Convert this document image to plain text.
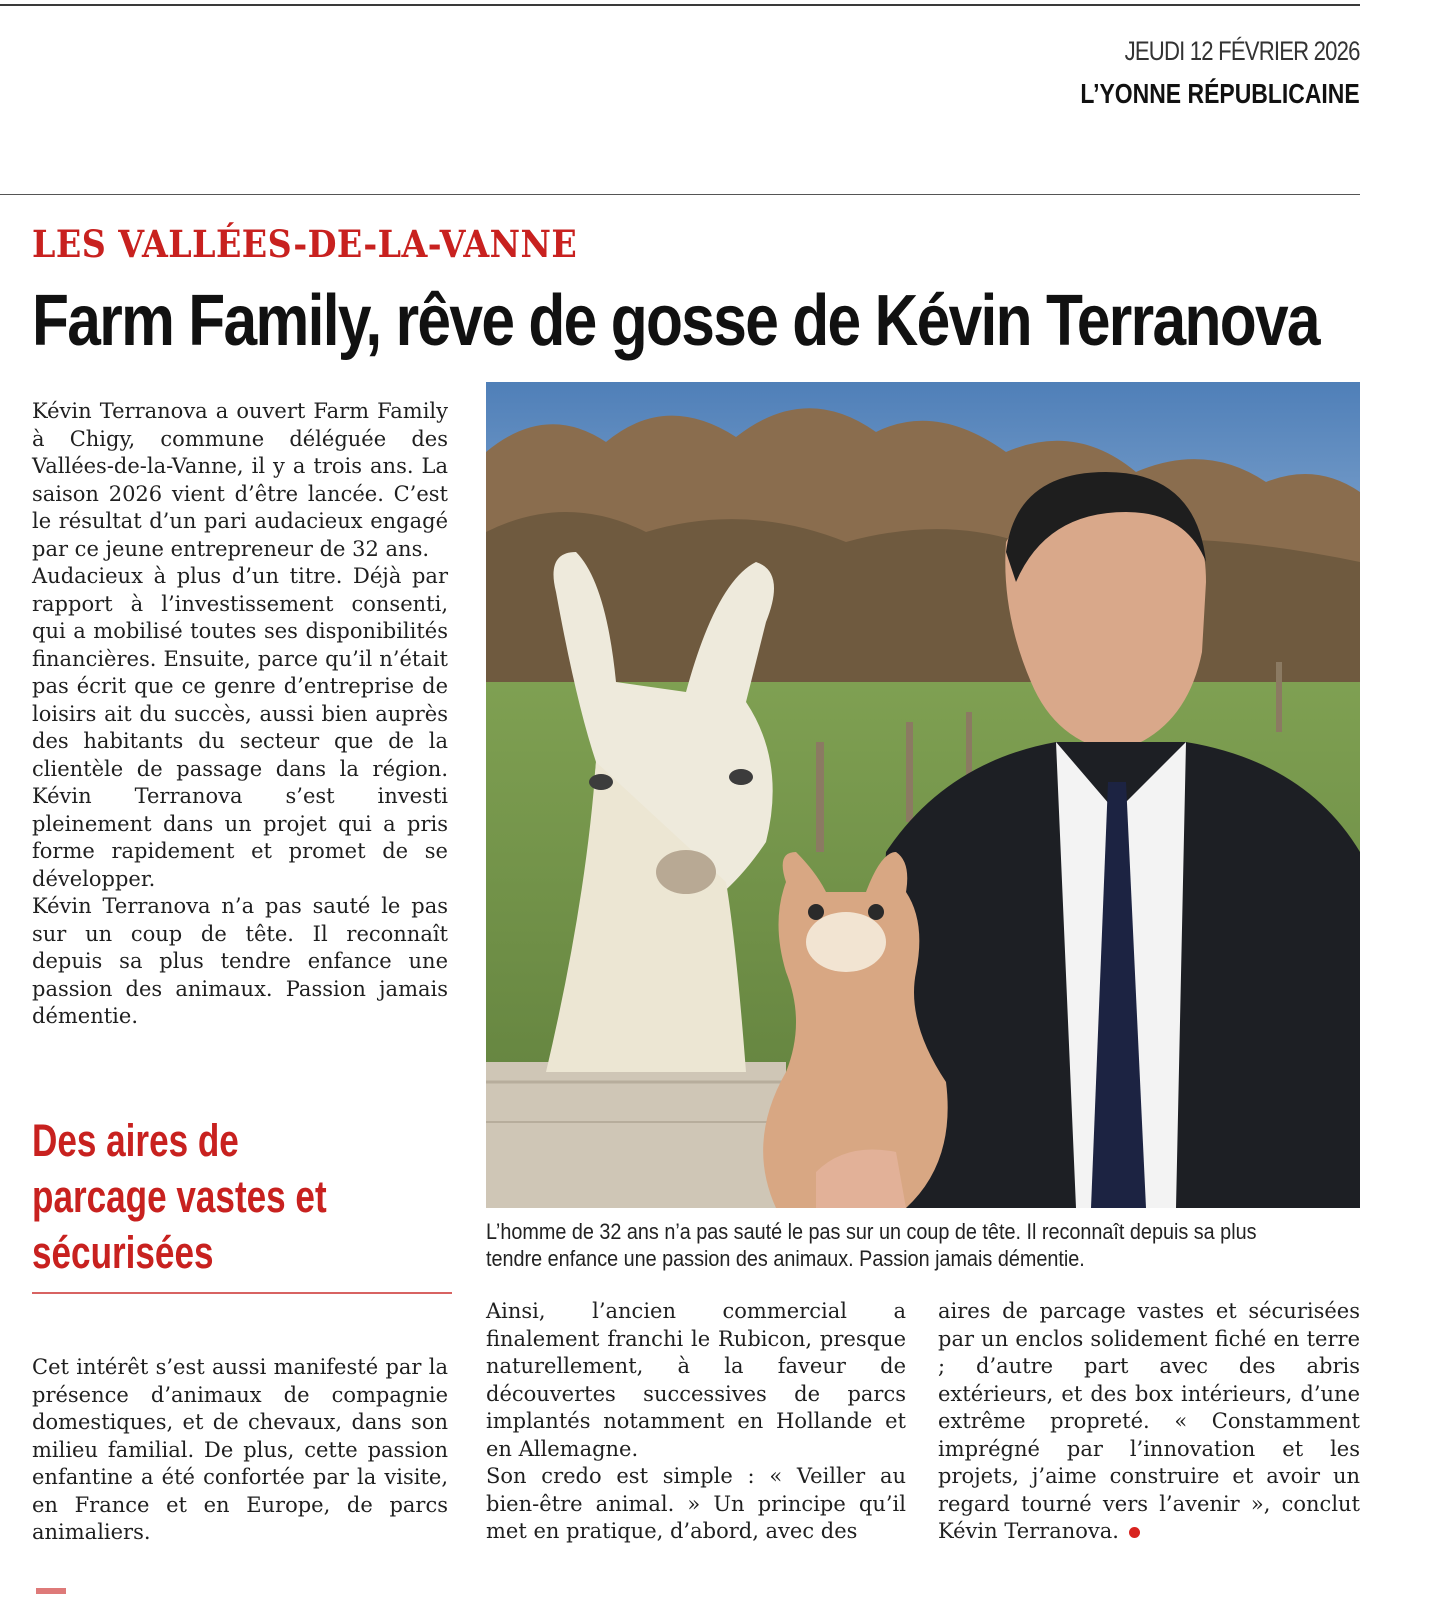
JEUDI 12 FÉVRIER 2026
L’YONNE RÉPUBLICAINE
LES VALLÉES-DE-LA-VANNE
Farm Family, rêve de gosse de Kévin Terranova

Kévin Terranova a ouvert Farm Family à Chigy, commune déléguée des Vallées-de-la-Vanne, il y a trois ans. La saison 2026 vient d’être lancée. C’est le résultat d’un pari audacieux engagé par ce jeune entrepreneur de 32 ans.

Audacieux à plus d’un titre. Déjà par rapport à l’investissement consenti, qui a mobilisé toutes ses disponibilités financières. Ensuite, parce qu’il n’était pas écrit que ce genre d’entreprise de loisirs ait du succès, aussi bien auprès des habitants du secteur que de la clientèle de passage dans la région. Kévin Terranova s’est investi pleinement dans un projet qui a pris forme rapidement et promet de se développer.

Kévin Terranova n’a pas sauté le pas sur un coup de tête. Il reconnaît depuis sa plus tendre enfance une passion des animaux. Passion jamais démentie.

Des aires de parcage vastes et sécurisées

Cet intérêt s’est aussi manifesté par la présence d’animaux de compagnie domestiques, et de chevaux, dans son milieu familial. De plus, cette passion enfantine a été confortée par la visite, en France et en Europe, de parcs animaliers.

L’homme de 32 ans n’a pas sauté le pas sur un coup de tête. Il reconnaît depuis sa plus tendre enfance une passion des animaux. Passion jamais démentie.

Ainsi, l’ancien commercial a finalement franchi le Rubicon, presque naturellement, à la faveur de découvertes successives de parcs implantés notamment en Hollande et en Allemagne.

Son credo est simple : « Veiller au bien-être animal. » Un principe qu’il met en pratique, d’abord, avec des

aires de parcage vastes et sécurisées par un enclos solidement fiché en terre ; d’autre part avec des abris extérieurs, et des box intérieurs, d’une extrême propreté. « Constamment imprégné par l’innovation et les projets, j’aime construire et avoir un regard tourné vers l’avenir », conclut Kévin Terranova.
